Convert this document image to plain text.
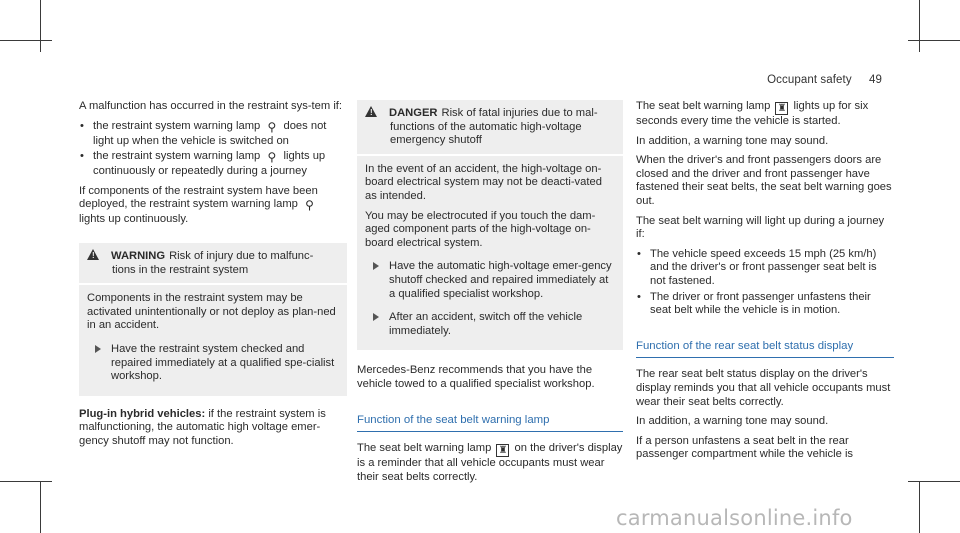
Occupant safety 49

A malfunction has occurred in the restraint sys-tem if:

• the restraint system warning lamp ⚲ does not light up when the vehicle is switched on
• the restraint system warning lamp ⚲ lights up continuously or repeatedly during a journey

If components of the restraint system have been deployed, the restraint system warning lamp ⚲ lights up continuously.

! WARNING Risk of injury due to malfunc-
tions in the restraint system

Components in the restraint system may be activated unintentionally or not deploy as plan-ned in an accident.

Have the restraint system checked and repaired immediately at a qualified spe-cialist workshop.

Plug-in hybrid vehicles: if the restraint system is malfunctioning, the automatic high voltage emer-gency shutoff may not function.

! DANGER Risk of fatal injuries due to mal-
functions of the automatic high-voltage emergency shutoff

In the event of an accident, the high-voltage on-board electrical system may not be deacti-vated as intended.

You may be electrocuted if you touch the dam-aged component parts of the high-voltage on-board electrical system.

Have the automatic high-voltage emer-gency shutoff checked and repaired immediately at a qualified specialist workshop.
After an accident, switch off the vehicle immediately.

Mercedes-Benz recommends that you have the vehicle towed to a qualified specialist workshop.

Function of the seat belt warning lamp

The seat belt warning lamp ♜ on the driver's display is a reminder that all vehicle occupants must wear their seat belts correctly.

The seat belt warning lamp ♜ lights up for six seconds every time the vehicle is started.

In addition, a warning tone may sound.

When the driver's and front passengers doors are closed and the driver and front passenger have fastened their seat belts, the seat belt warning goes out.

The seat belt warning will light up during a journey if:

• The vehicle speed exceeds 15 mph (25 km/h) and the driver's or front passenger seat belt is not fastened.
• The driver or front passenger unfastens their seat belt while the vehicle is in motion.
Function of the rear seat belt status display

The rear seat belt status display on the driver's display reminds you that all vehicle occupants must wear their seat belts correctly.

In addition, a warning tone may sound.

If a person unfastens a seat belt in the rear passenger compartment while the vehicle is

carmanualsonline.info
